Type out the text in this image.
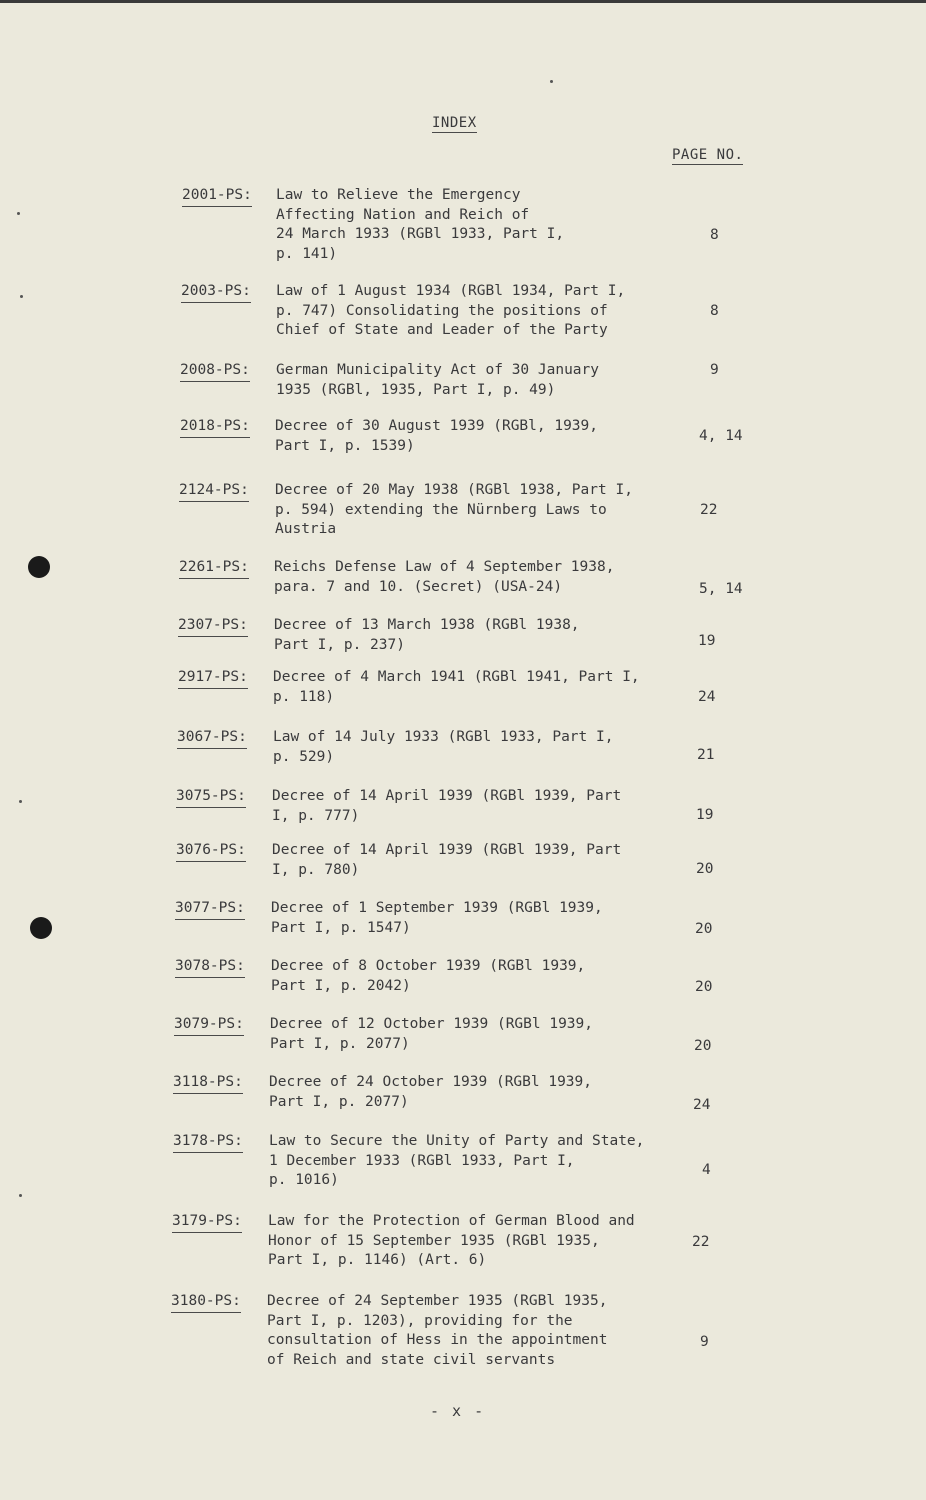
INDEX
PAGE NO.
2001-PS: Law to Relieve the Emergency
Affecting Nation and Reich of
24 March 1933 (RGBl 1933, Part I,
p. 141)
8
2003-PS: Law of 1 August 1934 (RGBl 1934, Part I,
p. 747) Consolidating the positions of
Chief of State and Leader of the Party
8
2008-PS: German Municipality Act of 30 January
1935 (RGBl, 1935, Part I, p. 49)
9
2018-PS: Decree of 30 August 1939 (RGBl, 1939,
Part I, p. 1539)
4, 14
2124-PS: Decree of 20 May 1938 (RGBl 1938, Part I,
p. 594) extending the Nürnberg Laws to
Austria
22
2261-PS: Reichs Defense Law of 4 September 1938,
para. 7 and 10. (Secret) (USA-24)	5, 14
2307-PS: Decree of 13 March 1938 (RGBl 1938,
Part I, p. 237)	19
2917-PS: Decree of 4 March 1941 (RGBl 1941, Part I,
p. 118)	24
3067-PS: Law of 14 July 1933 (RGBl 1933, Part I,
p. 529)	21
3075-PS: Decree of 14 April 1939 (RGBl 1939, Part
I, p. 777)	19
3076-PS: Decree of 14 April 1939 (RGBl 1939, Part
I, p. 780)	20
3077-PS: Decree of 1 September 1939 (RGBl 1939,
Part I, p. 1547)	20
3078-PS: Decree of 8 October 1939 (RGBl 1939,
Part I, p. 2042)	20
3079-PS: Decree of 12 October 1939 (RGBl 1939,
Part I, p. 2077)	20
3118-PS: Decree of 24 October 1939 (RGBl 1939,
Part I, p. 2077)	24
3178-PS: Law to Secure the Unity of Party and State,
1 December 1933 (RGBl 1933, Part I,
p. 1016)
4
3179-PS: Law for the Protection of German Blood and
Honor of 15 September 1935 (RGBl 1935,
Part I, p. 1146) (Art. 6)
22
3180-PS: Decree of 24 September 1935 (RGBl 1935,
Part I, p. 1203), providing for the
consultation of Hess in the appointment
of Reich and state civil servants
9
- x -
